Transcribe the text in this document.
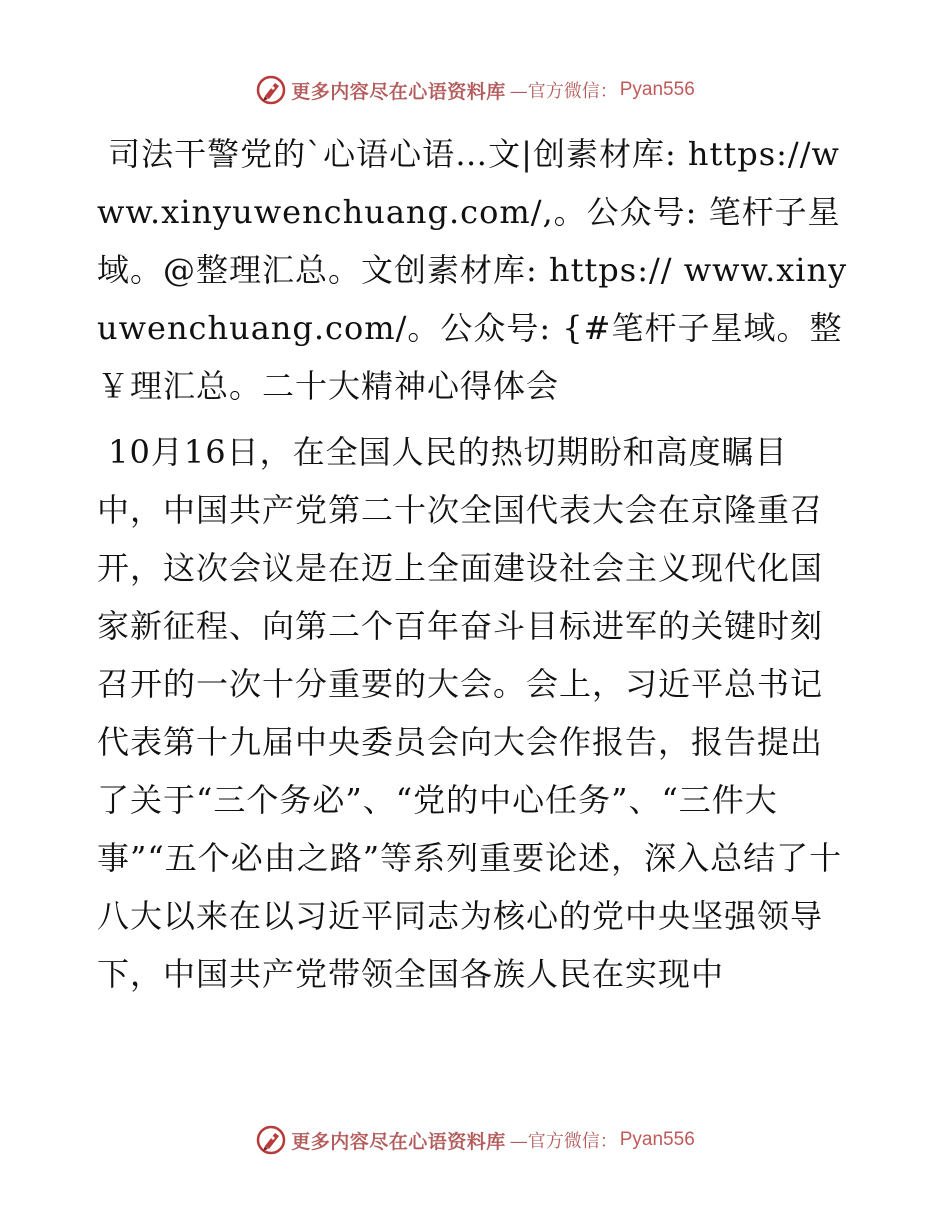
更多内容尽在心语资料库 —官方微信： Pyan556

司法干警党的`心语心语…文|创素材库: https://www.xinyuwenchuang.com/,。公众号: 笔杆子星域。@整理汇总。文创素材库: https:// www.xinyuwenchuang.com/。公众号: {#笔杆子星域。整￥理汇总。二十大精神心得体会

10月16日，在全国人民的热切期盼和高度瞩目中，中国共产党第二十次全国代表大会在京隆重召开，这次会议是在迈上全面建设社会主义现代化国家新征程、向第二个百年奋斗目标进军的关键时刻召开的一次十分重要的大会。会上，习近平总书记代表第十九届中央委员会向大会作报告，报告提出了关于“三个务必”、“党的中心任务”、“三件大事”“五个必由之路”等系列重要论述，深入总结了十八大以来在以习近平同志为核心的党中央坚强领导下，中国共产党带领全国各族人民在实现中

更多内容尽在心语资料库 —官方微信： Pyan556
